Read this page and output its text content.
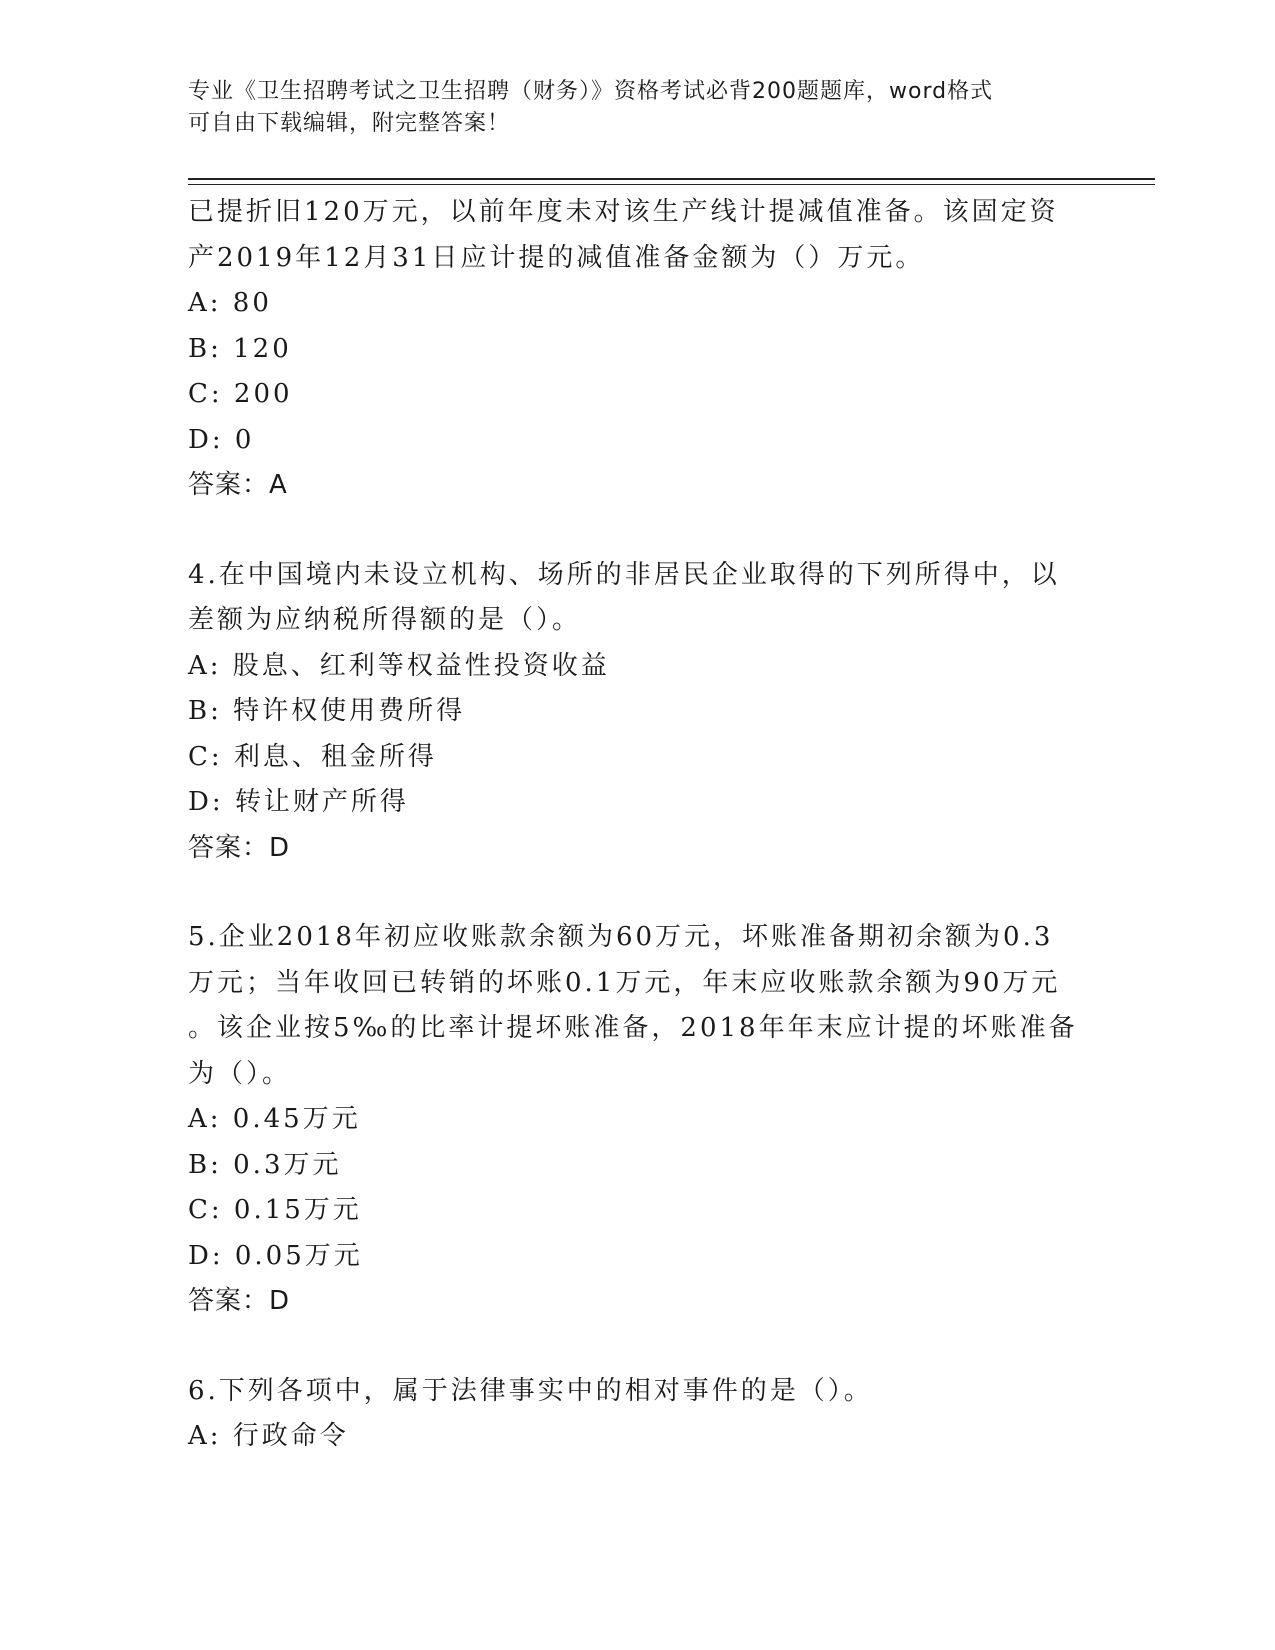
专业《卫生招聘考试之卫生招聘（财务）》资格考试必背200题题库，word格式
可自由下载编辑，附完整答案！
已提折旧120万元，以前年度未对该生产线计提减值准备。该固定资
产2019年12月31日应计提的减值准备金额为（）万元。
A: 80
B: 120
C: 200
D: 0
答案：A
4.在中国境内未设立机构、场所的非居民企业取得的下列所得中，以
差额为应纳税所得额的是（）。
A: 股息、红利等权益性投资收益
B: 特许权使用费所得
C: 利息、租金所得
D: 转让财产所得
答案：D
5.企业2018年初应收账款余额为60万元，坏账准备期初余额为0.3
万元；当年收回已转销的坏账0.1万元，年末应收账款余额为90万元
。该企业按5‰的比率计提坏账准备，2018年年末应计提的坏账准备
为（）。
A: 0.45万元
B: 0.3万元
C: 0.15万元
D: 0.05万元
答案：D
6.下列各项中，属于法律事实中的相对事件的是（）。
A: 行政命令
